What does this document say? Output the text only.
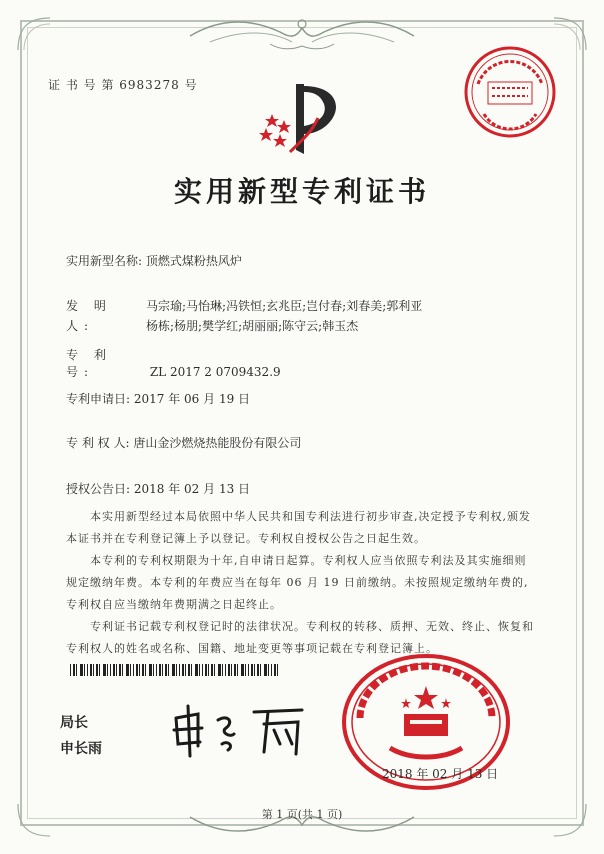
证 书 号 第 6983278 号
实用新型专利证书
实用新型名称: 顶燃式煤粉热风炉
发 明 人:
马宗瑜;马怡琳;冯铁恒;玄兆臣;岂付春;刘春美;郭利亚
杨栋;杨朋;樊学红;胡丽丽;陈守云;韩玉杰
专 利 号:	ZL 2017 2 0709432.9
专利申请日: 2017 年 06 月 19 日
专 利 权 人: 唐山金沙燃烧热能股份有限公司
授权公告日: 2018 年 02 月 13 日
本实用新型经过本局依照中华人民共和国专利法进行初步审查,决定授予专利权,颁发本证书并在专利登记簿上予以登记。专利权自授权公告之日起生效。
本专利的专利权期限为十年,自申请日起算。专利权人应当依照专利法及其实施细则规定缴纳年费。本专利的年费应当在每年 06 月 19 日前缴纳。未按照规定缴纳年费的,专利权自应当缴纳年费期满之日起终止。
专利证书记载专利权登记时的法律状况。专利权的转移、质押、无效、终止、恢复和专利权人的姓名或名称、国籍、地址变更等事项记载在专利登记簿上。
局长
申长雨
2018 年 02 月 13 日
第 1 页(共 1 页)
